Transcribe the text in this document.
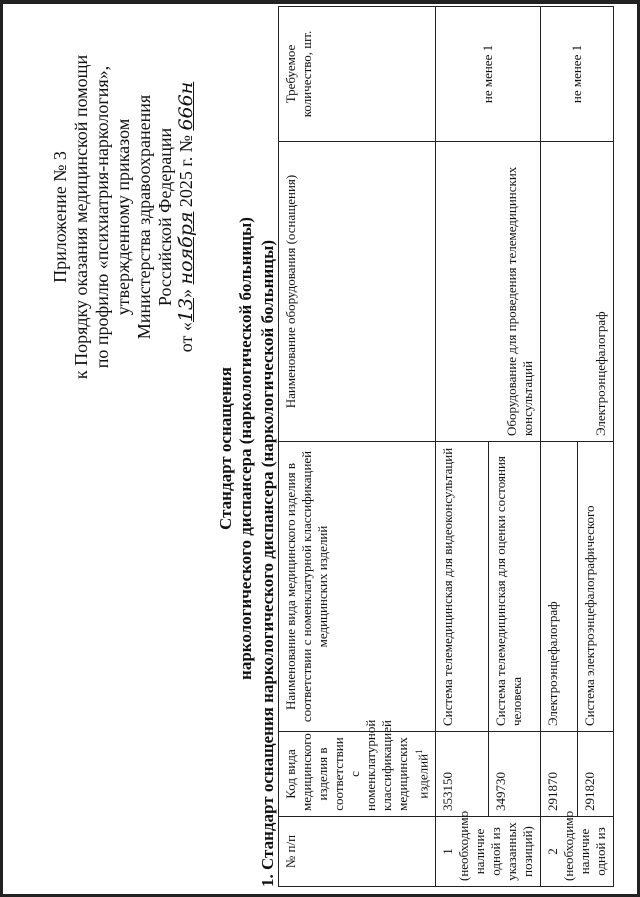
Приложение № 3 к Порядку оказания медицинской помощи по профилю «психиатрия-наркология», утвержденному приказом Министерства здравоохранения Российской Федерации
от «13» ноября 2025 г. № 666н
Стандарт оснащения наркологического диспансера (наркологической больницы) 1. Стандарт оснащения наркологического диспансера (наркологической больницы) № п/п	Код вида медицинского изделия в соответствии с номенклатурной классификацией медицинских изделий$^1$	Наименование вида медицинского изделия в соответствии с номенклатурной классификацией медицинских изделий	Наименование оборудования (оснащения)	Требуемое количество, шт.

1 (необходимо наличие одной из указанных позиций)	353150	Система телемедицинская для видеоконсультаций	Оборудование для проведения телемедицинских консультаций	не менее 1
	349730	Система телемедицинская для оценки состояния человека		

2 (необходимо наличие одной из	291870	Электроэнцефалограф	Электроэнцефалограф	не менее 1
	291820	Система электроэнцефалографического		
